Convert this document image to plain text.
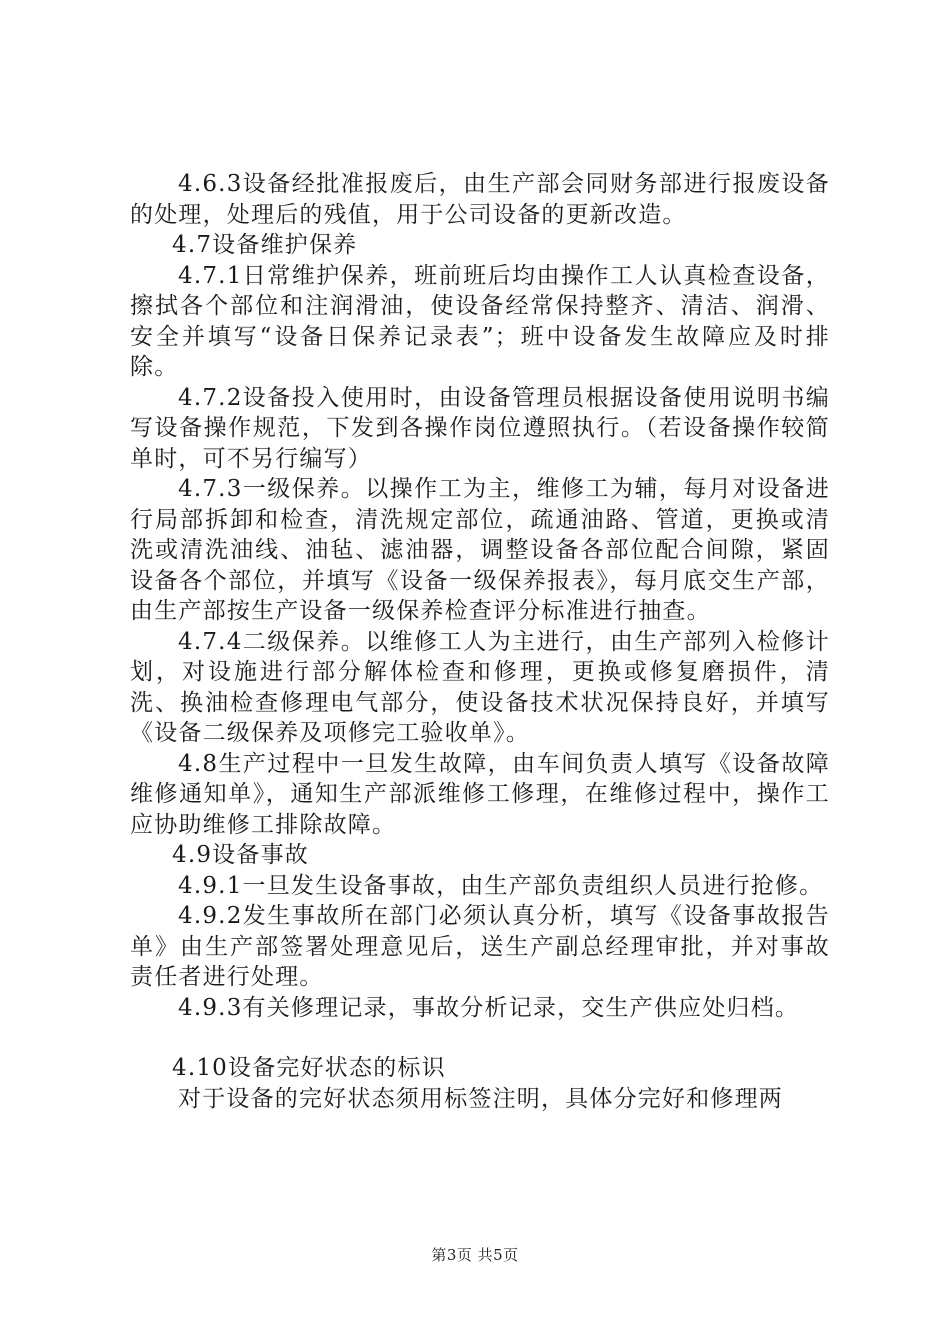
4.6.3设备经批准报废后，由生产部会同财务部进行报废设备的处理，处理后的残值，用于公司设备的更新改造。

4.7设备维护保养

4.7.1日常维护保养，班前班后均由操作工人认真检查设备，擦拭各个部位和注润滑油，使设备经常保持整齐、清洁、润滑、安全并填写“设备日保养记录表”；班中设备发生故障应及时排除。

4.7.2设备投入使用时，由设备管理员根据设备使用说明书编写设备操作规范，下发到各操作岗位遵照执行。（若设备操作较简单时，可不另行编写）

4.7.3一级保养。以操作工为主，维修工为辅，每月对设备进行局部拆卸和检查，清洗规定部位，疏通油路、管道，更换或清洗或清洗油线、油毡、滤油器，调整设备各部位配合间隙，紧固设备各个部位，并填写《设备一级保养报表》，每月底交生产部，由生产部按生产设备一级保养检查评分标准进行抽查。

4.7.4二级保养。以维修工人为主进行，由生产部列入检修计划，对设施进行部分解体检查和修理，更换或修复磨损件，清洗、换油检查修理电气部分，使设备技术状况保持良好，并填写《设备二级保养及项修完工验收单》。

4.8生产过程中一旦发生故障，由车间负责人填写《设备故障维修通知单》，通知生产部派维修工修理，在维修过程中，操作工应协助维修工排除故障。

4.9设备事故

4.9.1一旦发生设备事故，由生产部负责组织人员进行抢修。

4.9.2发生事故所在部门必须认真分析，填写《设备事故报告单》由生产部签署处理意见后，送生产副总经理审批，并对事故责任者进行处理。

4.9.3有关修理记录，事故分析记录，交生产供应处归档。

4.10设备完好状态的标识

对于设备的完好状态须用标签注明，具体分完好和修理两

第3页 共5页
